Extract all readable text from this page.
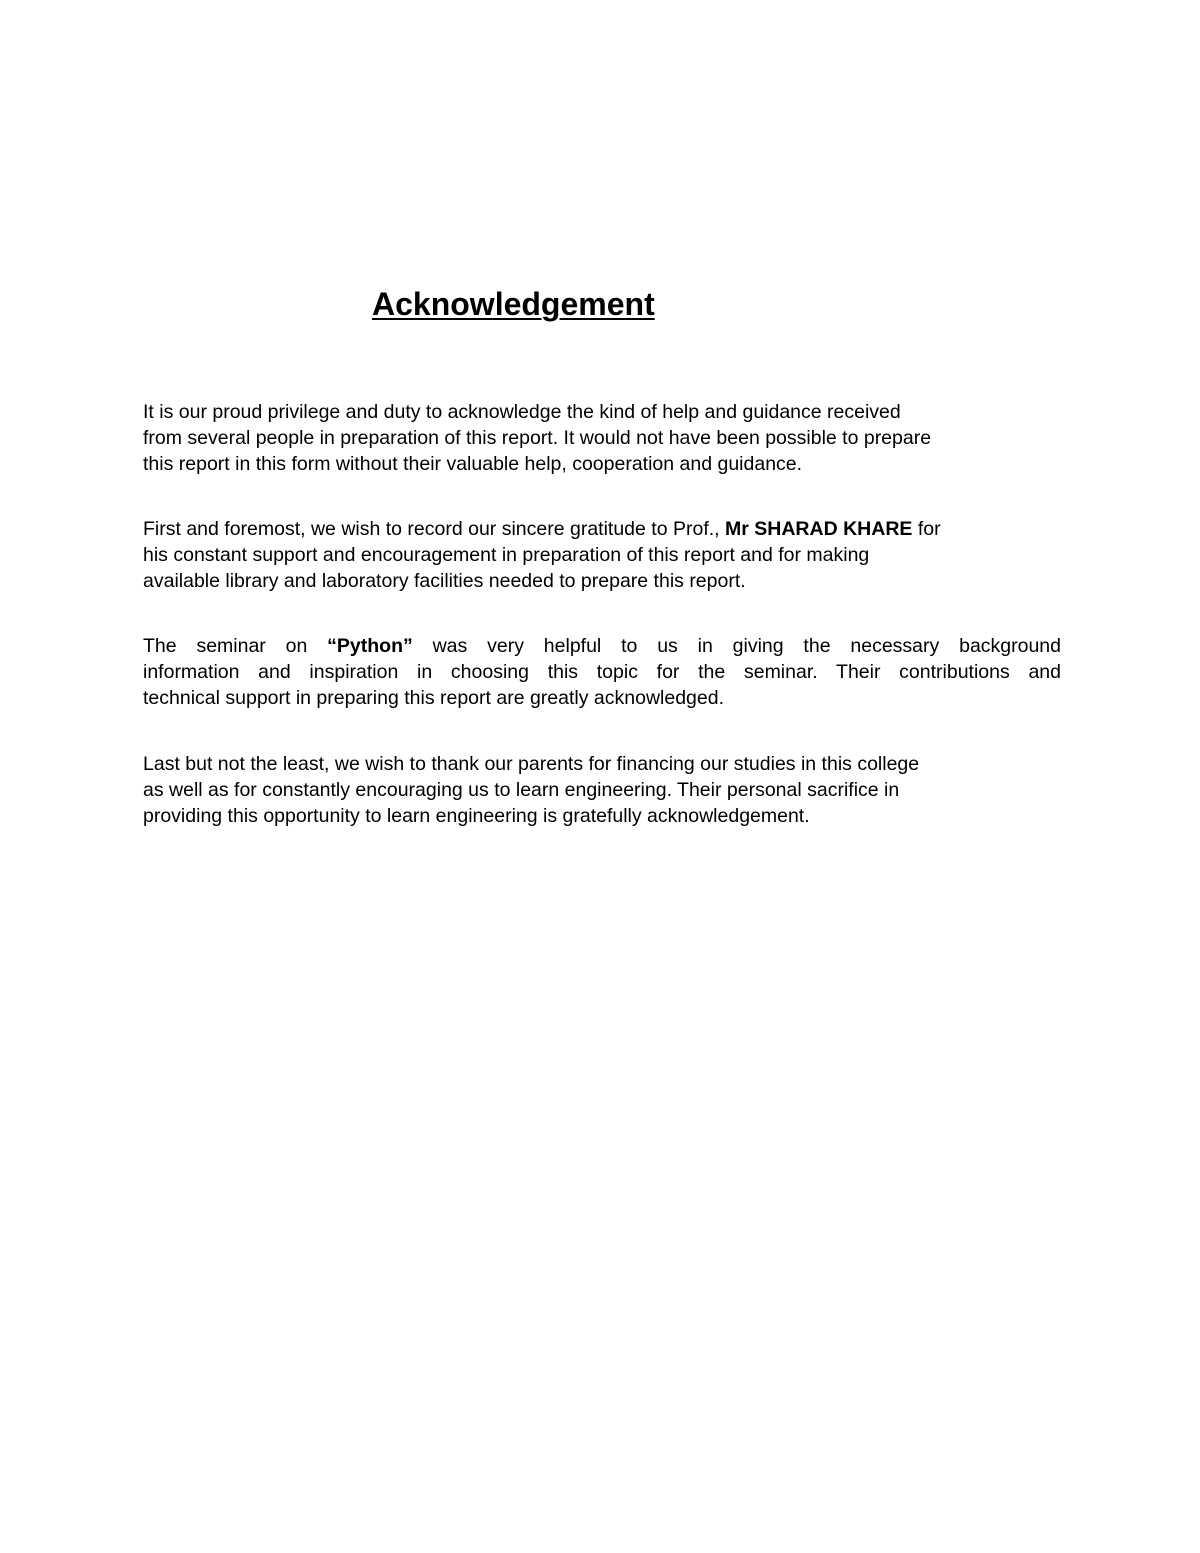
Acknowledgement

It is our proud privilege and duty to acknowledge the kind of help and guidance received
from several people in preparation of this report. It would not have been possible to prepare
this report in this form without their valuable help, cooperation and guidance.

First and foremost, we wish to record our sincere gratitude to Prof., Mr SHARAD KHARE for
his constant support and encouragement in preparation of this report and for making
available library and laboratory facilities needed to prepare this report.

The seminar on “Python” was very helpful to us in giving the necessary background
information and inspiration in choosing this topic for the seminar. Their contributions and
technical support in preparing this report are greatly acknowledged.

Last but not the least, we wish to thank our parents for financing our studies in this college
as well as for constantly encouraging us to learn engineering. Their personal sacrifice in
providing this opportunity to learn engineering is gratefully acknowledgement.
